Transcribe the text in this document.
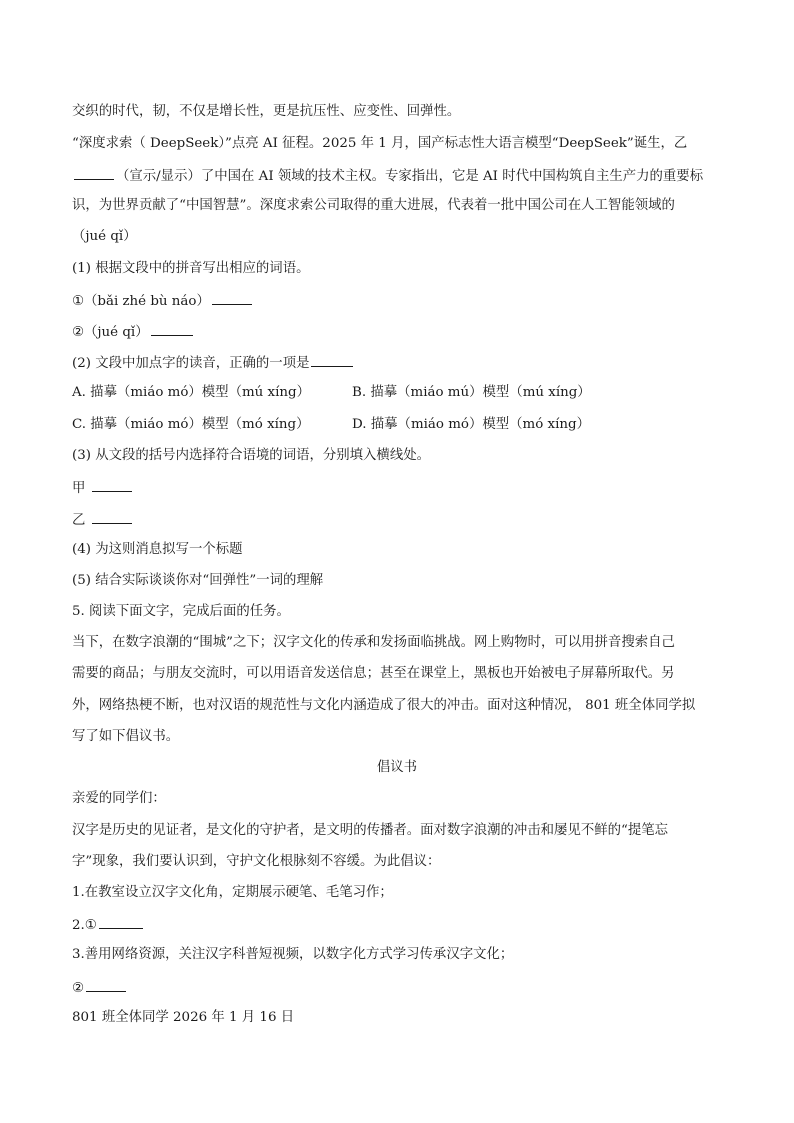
交织的时代，韧，不仅是增长性，更是抗压性、应变性、回弹性。
“深度求索（ DeepSeek）”点亮 AI 征程。2025 年 1 月，国产标志性大语言模型“DeepSeek”诞生，乙
（宣示/显示）了中国在 AI 领域的技术主权。专家指出，它是 AI 时代中国构筑自主生产力的重要标
识，为世界贡献了“中国智慧”。深度求索公司取得的重大进展，代表着一批中国公司在人工智能领域的
（jué qǐ）
(1) 根据文段中的拼音写出相应的词语。
①（bǎi zhé bù náo）
②（jué qǐ）
(2) 文段中加点字的读音，正确的一项是
A. 描摹（miáo mó）模型（mú xíng）	B. 描摹（miáo mú）模型（mú xíng）
C. 描摹（miáo mó）模型（mó xíng）	D. 描摹（miáo mó）模型（mó xíng）
(3) 从文段的括号内选择符合语境的词语，分别填入横线处。
甲
乙
(4) 为这则消息拟写一个标题
(5) 结合实际谈谈你对“回弹性”一词的理解
5. 阅读下面文字，完成后面的任务。
当下，在数字浪潮的“围城”之下；汉字文化的传承和发扬面临挑战。网上购物时，可以用拼音搜索自己
需要的商品；与朋友交流时，可以用语音发送信息；甚至在课堂上，黑板也开始被电子屏幕所取代。另
外，网络热梗不断，也对汉语的规范性与文化内涵造成了很大的冲击。面对这种情况， 801 班全体同学拟
写了如下倡议书。
倡议书
亲爱的同学们：
汉字是历史的见证者，是文化的守护者，是文明的传播者。面对数字浪潮的冲击和屡见不鲜的“提笔忘
字”现象，我们要认识到，守护文化根脉刻不容缓。为此倡议：
1.在教室设立汉字文化角，定期展示硬笔、毛笔习作；
2.①
3.善用网络资源，关注汉字科普短视频，以数字化方式学习传承汉字文化；
②
801 班全体同学 2026 年 1 月 16 日
